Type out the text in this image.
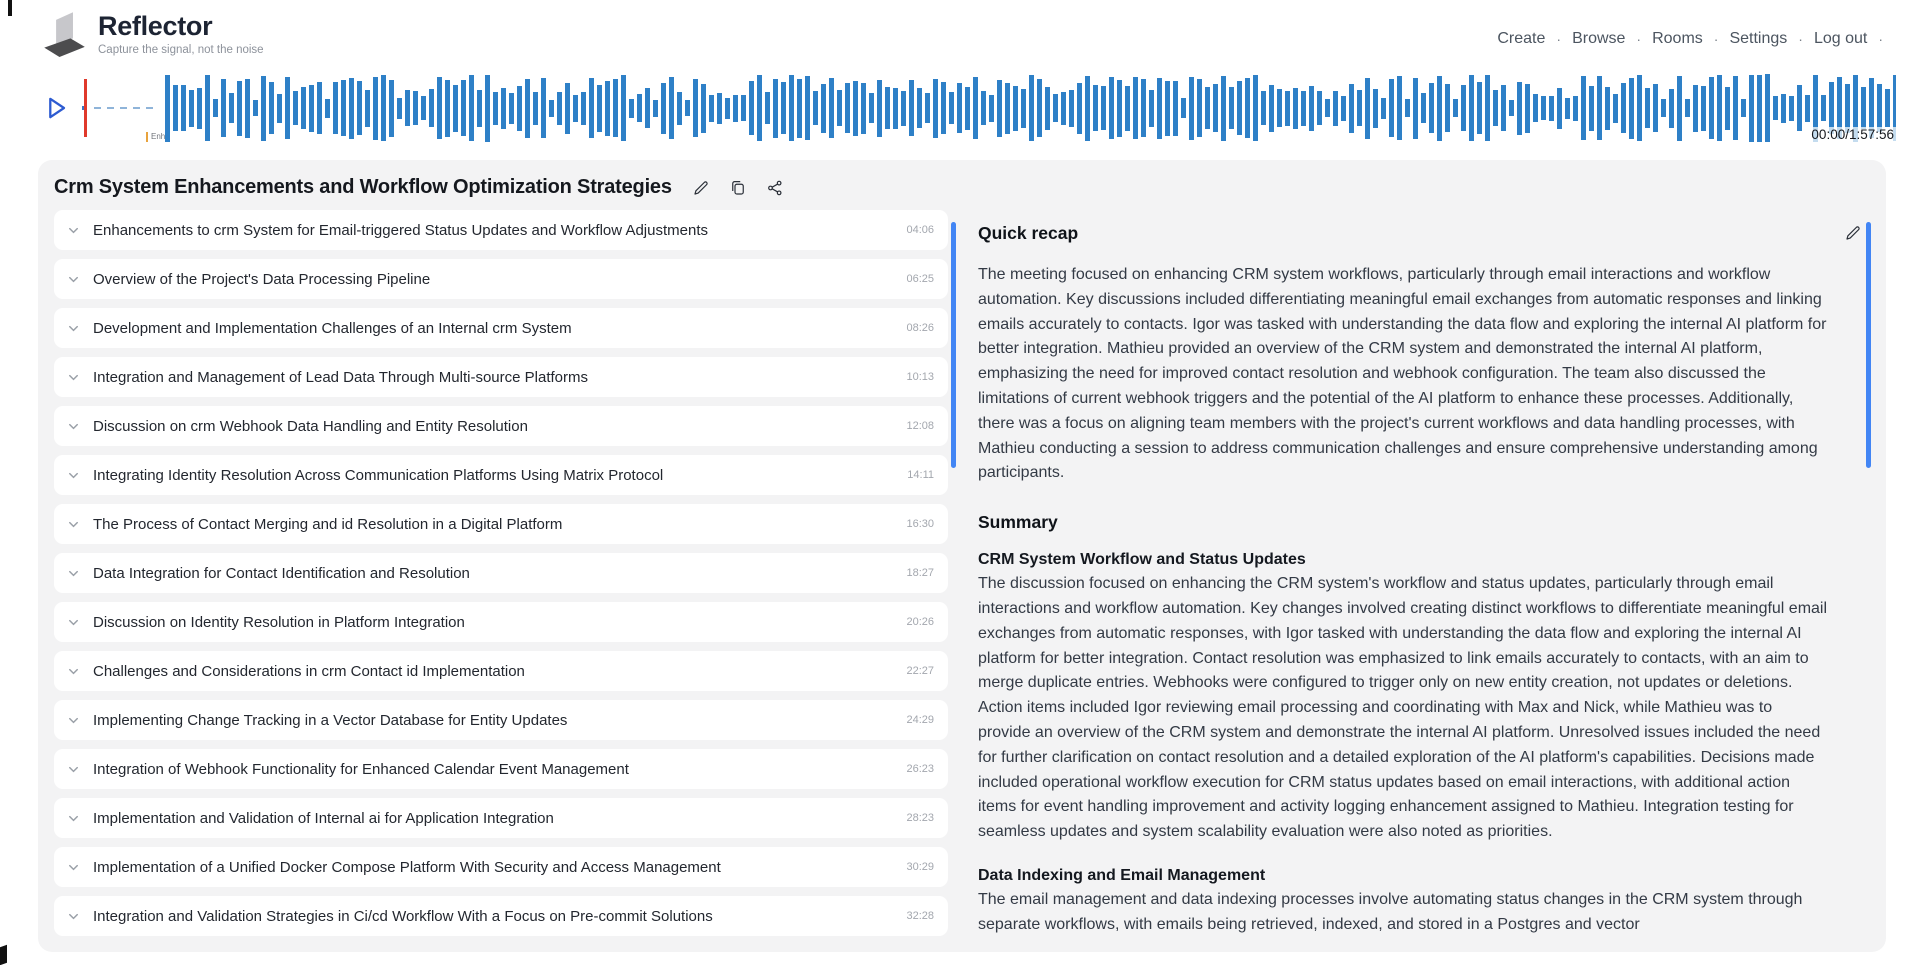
Reflector
Capture the signal, not the noise
Create · Browse · Rooms · Settings · Log out ·
Enh	00:00/1:57:56
Crm System Enhancements and Workflow Optimization Strategies
Enhancements to crm System for Email-triggered Status Updates and Workflow Adjustments	04:06
Overview of the Project's Data Processing Pipeline	06:25
Development and Implementation Challenges of an Internal crm System	08:26
Integration and Management of Lead Data Through Multi-source Platforms	10:13
Discussion on crm Webhook Data Handling and Entity Resolution	12:08
Integrating Identity Resolution Across Communication Platforms Using Matrix Protocol	14:11
The Process of Contact Merging and id Resolution in a Digital Platform	16:30
Data Integration for Contact Identification and Resolution	18:27
Discussion on Identity Resolution in Platform Integration	20:26
Challenges and Considerations in crm Contact id Implementation	22:27
Implementing Change Tracking in a Vector Database for Entity Updates	24:29
Integration of Webhook Functionality for Enhanced Calendar Event Management	26:23
Implementation and Validation of Internal ai for Application Integration	28:23
Implementation of a Unified Docker Compose Platform With Security and Access Management	30:29
Integration and Validation Strategies in Ci/cd Workflow With a Focus on Pre-commit Solutions	32:28
Quick recap

The meeting focused on enhancing CRM system workflows, particularly through email interactions and workflow automation. Key discussions included differentiating meaningful email exchanges from automatic responses and linking emails accurately to contacts. Igor was tasked with understanding the data flow and exploring the internal AI platform for better integration. Mathieu provided an overview of the CRM system and demonstrated the internal AI platform, emphasizing the need for improved contact resolution and webhook configuration. The team also discussed the limitations of current webhook triggers and the potential of the AI platform to enhance these processes. Additionally, there was a focus on aligning team members with the project's current workflows and data handling processes, with Mathieu conducting a session to address communication challenges and ensure comprehensive understanding among participants.

Summary
CRM System Workflow and Status Updates

The discussion focused on enhancing the CRM system's workflow and status updates, particularly through email interactions and workflow automation. Key changes involved creating distinct workflows to differentiate meaningful email exchanges from automatic responses, with Igor tasked with understanding the data flow and exploring the internal AI platform for better integration. Contact resolution was emphasized to link emails accurately to contacts, with an aim to merge duplicate entries. Webhooks were configured to trigger only on new entity creation, not updates or deletions. Action items included Igor reviewing email processing and coordinating with Max and Nick, while Mathieu was to provide an overview of the CRM system and demonstrate the internal AI platform. Unresolved issues included the need for further clarification on contact resolution and a detailed exploration of the AI platform's capabilities. Decisions made included operational workflow execution for CRM status updates based on email interactions, with additional action items for event handling improvement and activity logging enhancement assigned to Mathieu. Integration testing for seamless updates and system scalability evaluation were also noted as priorities.

Data Indexing and Email Management

The email management and data indexing processes involve automating status changes in the CRM system through separate workflows, with emails being retrieved, indexed, and stored in a Postgres and vector
